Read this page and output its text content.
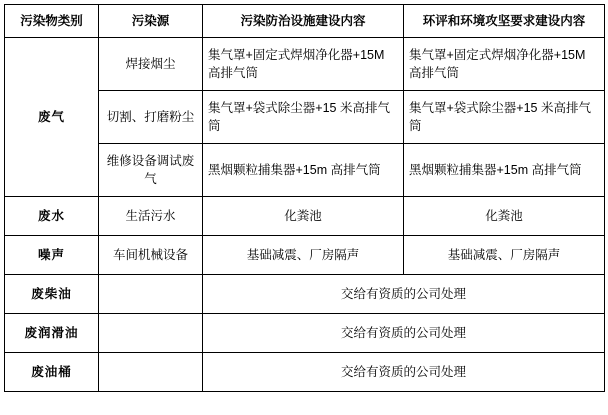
污染物类别	污染源	污染防治设施建设内容	环评和环境攻坚要求建设内容
废气	焊接烟尘	集气罩+固定式焊烟净化器+15M 高排气筒	集气罩+固定式焊烟净化器+15M 高排气筒
	切割、打磨粉尘	集气罩+袋式除尘器+15 米高排气筒	集气罩+袋式除尘器+15 米高排气筒
	维修设备调试废气	黑烟颗粒捕集器+15m 高排气筒	黑烟颗粒捕集器+15m 高排气筒
废水	生活污水	化粪池	化粪池
噪声	车间机械设备	基础减震、厂房隔声	基础减震、厂房隔声
废柴油		交给有资质的公司处理	
废润滑油		交给有资质的公司处理	
废油桶		交给有资质的公司处理	
